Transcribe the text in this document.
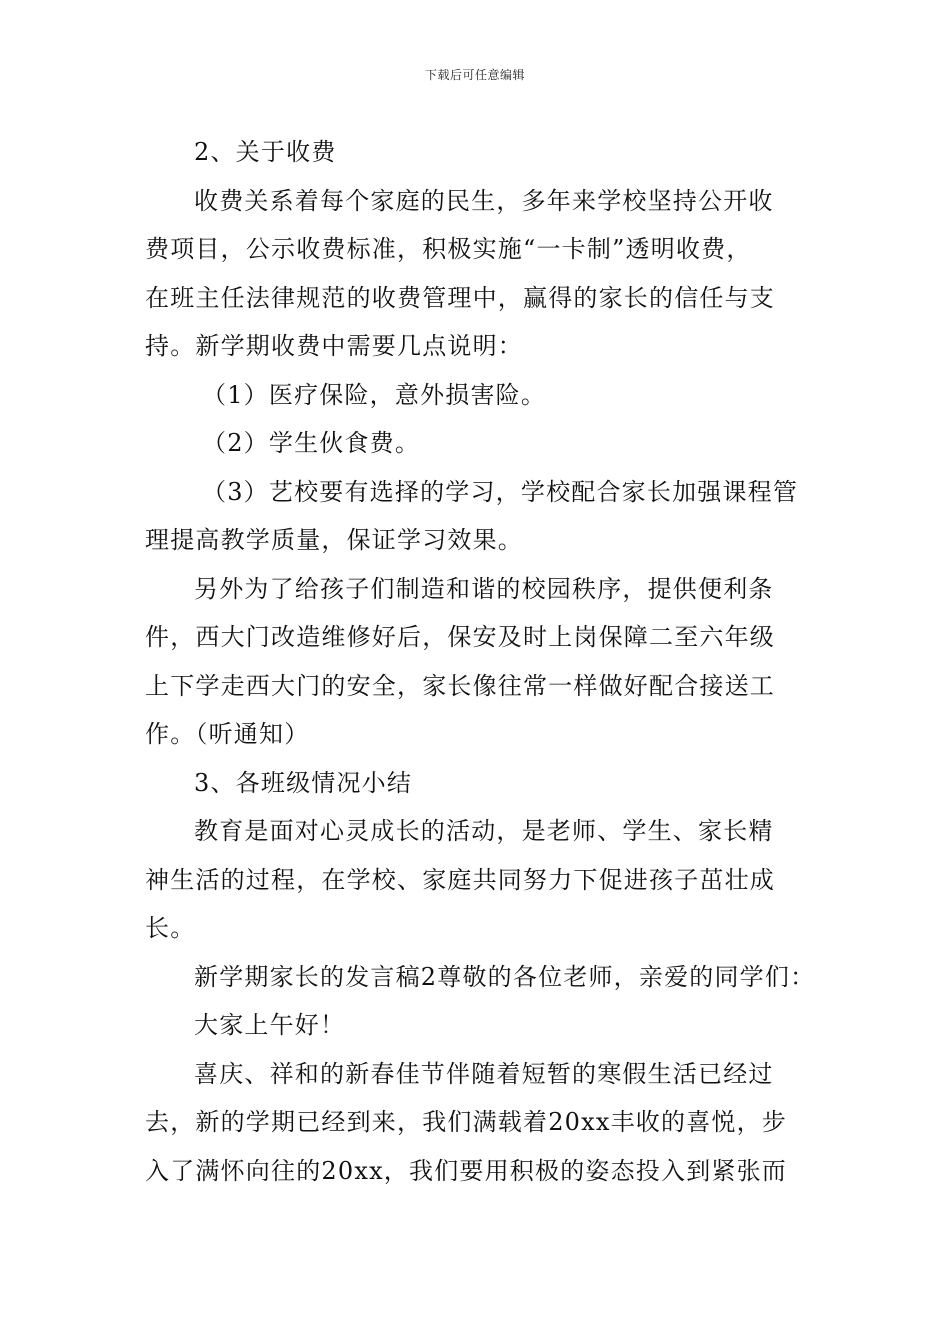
下载后可任意编辑
2、关于收费
收费关系着每个家庭的民生，多年来学校坚持公开收
费项目，公示收费标准，积极实施“一卡制”透明收费，
在班主任法律规范的收费管理中，赢得的家长的信任与支
持。新学期收费中需要几点说明：
（1）医疗保险，意外损害险。
（2）学生伙食费。
（3）艺校要有选择的学习，学校配合家长加强课程管
理提高教学质量，保证学习效果。
另外为了给孩子们制造和谐的校园秩序，提供便利条
件，西大门改造维修好后，保安及时上岗保障二至六年级
上下学走西大门的安全，家长像往常一样做好配合接送工
作。（听通知）
3、各班级情况小结
教育是面对心灵成长的活动，是老师、学生、家长精
神生活的过程，在学校、家庭共同努力下促进孩子茁壮成
长。
新学期家长的发言稿2尊敬的各位老师，亲爱的同学们：
大家上午好！
喜庆、祥和的新春佳节伴随着短暂的寒假生活已经过
去，新的学期已经到来，我们满载着20xx丰收的喜悦，步
入了满怀向往的20xx，我们要用积极的姿态投入到紧张而
